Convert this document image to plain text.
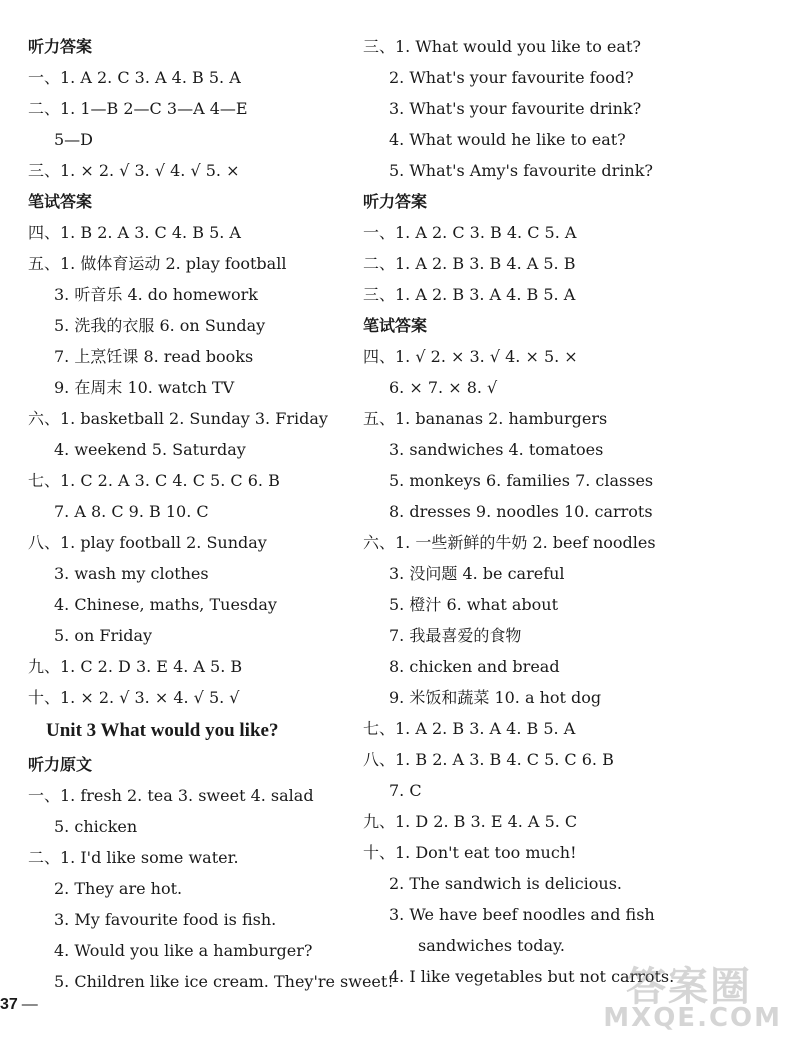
听力答案
一、1. A 2. C 3. A 4. B 5. A
二、1. 1—B 2—C 3—A 4—E
5—D
三、1. × 2. √ 3. √ 4. √ 5. ×
笔试答案
四、1. B 2. A 3. C 4. B 5. A
五、1. 做体育运动 2. play football
3. 听音乐 4. do homework
5. 洗我的衣服 6. on Sunday
7. 上烹饪课 8. read books
9. 在周末 10. watch TV
六、1. basketball 2. Sunday 3. Friday
4. weekend 5. Saturday
七、1. C 2. A 3. C 4. C 5. C 6. B
7. A 8. C 9. B 10. C
八、1. play football 2. Sunday
3. wash my clothes
4. Chinese, maths, Tuesday
5. on Friday
九、1. C 2. D 3. E 4. A 5. B
十、1. × 2. √ 3. × 4. √ 5. √
Unit 3 What would you like?
听力原文
一、1. fresh 2. tea 3. sweet 4. salad
5. chicken
二、1. I'd like some water.
2. They are hot.
3. My favourite food is fish.
4. Would you like a hamburger?
5. Children like ice cream. They're sweet!
三、1. What would you like to eat?
2. What's your favourite food?
3. What's your favourite drink?
4. What would he like to eat?
5. What's Amy's favourite drink?
听力答案
一、1. A 2. C 3. B 4. C 5. A
二、1. A 2. B 3. B 4. A 5. B
三、1. A 2. B 3. A 4. B 5. A
笔试答案
四、1. √ 2. × 3. √ 4. × 5. ×
6. × 7. × 8. √
五、1. bananas 2. hamburgers
3. sandwiches 4. tomatoes
5. monkeys 6. families 7. classes
8. dresses 9. noodles 10. carrots
六、1. 一些新鲜的牛奶 2. beef noodles
3. 没问题 4. be careful
5. 橙汁 6. what about
7. 我最喜爱的食物
8. chicken and bread
9. 米饭和蔬菜 10. a hot dog
七、1. A 2. B 3. A 4. B 5. A
八、1. B 2. A 3. B 4. C 5. C 6. B
7. C
九、1. D 2. B 3. E 4. A 5. C
十、1. Don't eat too much!
2. The sandwich is delicious.
3. We have beef noodles and fish
sandwiches today.
4. I like vegetables but not carrots.
37 —	答案圈
MXQE.COM
